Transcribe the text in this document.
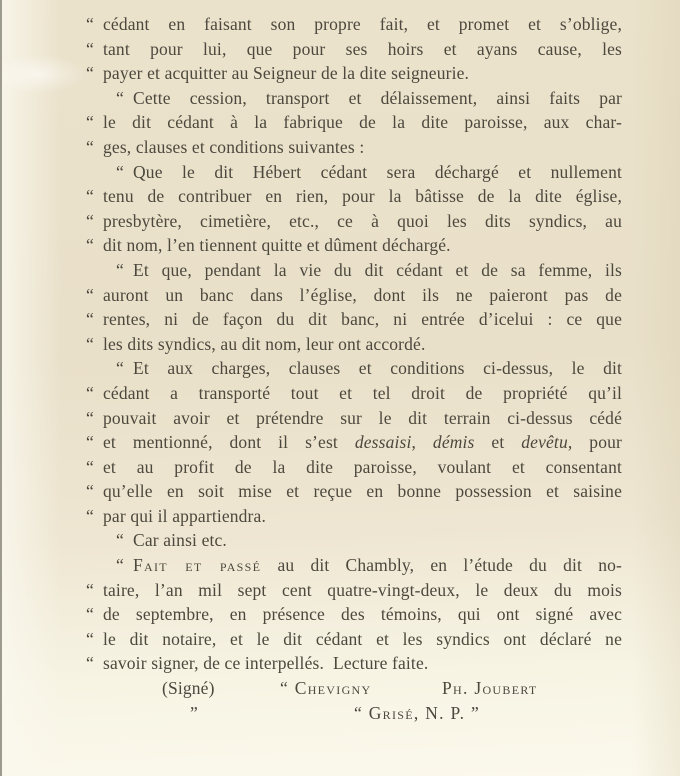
“ cédant en faisant son propre fait, et promet et s’oblige,
“ tant pour lui, que pour ses hoirs et ayans cause, les
“ payer et acquitter au Seigneur de la dite seigneurie.
“ Cette cession, transport et délaissement, ainsi faits par
“ le dit cédant à la fabrique de la dite paroisse, aux char-
“ ges, clauses et conditions suivantes :
“ Que le dit Hébert cédant sera déchargé et nullement
“ tenu de contribuer en rien, pour la bâtisse de la dite église,
“ presbytère, cimetière, etc., ce à quoi les dits syndics, au
“ dit nom, l’en tiennent quitte et dûment déchargé.
“ Et que, pendant la vie du dit cédant et de sa femme, ils
“ auront un banc dans l’église, dont ils ne paieront pas de
“ rentes, ni de façon du dit banc, ni entrée d’icelui : ce que
“ les dits syndics, au dit nom, leur ont accordé.
“ Et aux charges, clauses et conditions ci-dessus, le dit
“ cédant a transporté tout et tel droit de propriété qu’il
“ pouvait avoir et prétendre sur le dit terrain ci-dessus cédé
“ et mentionné, dont il s’est dessaisi, démis et devêtu, pour
“ et au profit de la dite paroisse, voulant et consentant
“ qu’elle en soit mise et reçue en bonne possession et saisine
“ par qui il appartiendra.
“ Car ainsi etc.
“ Fait et passé au dit Chambly, en l’étude du dit no-
“ taire, l’an mil sept cent quatre-vingt-deux, le deux du mois
“ de septembre, en présence des témoins, qui ont signé avec
“ le dit notaire, et le dit cédant et les syndics ont déclaré ne
“ savoir signer, de ce interpellés.  Lecture faite.
(Signé)	“ Chevigny	Ph. Joubert
”	“ Grisé, N. P. ”
